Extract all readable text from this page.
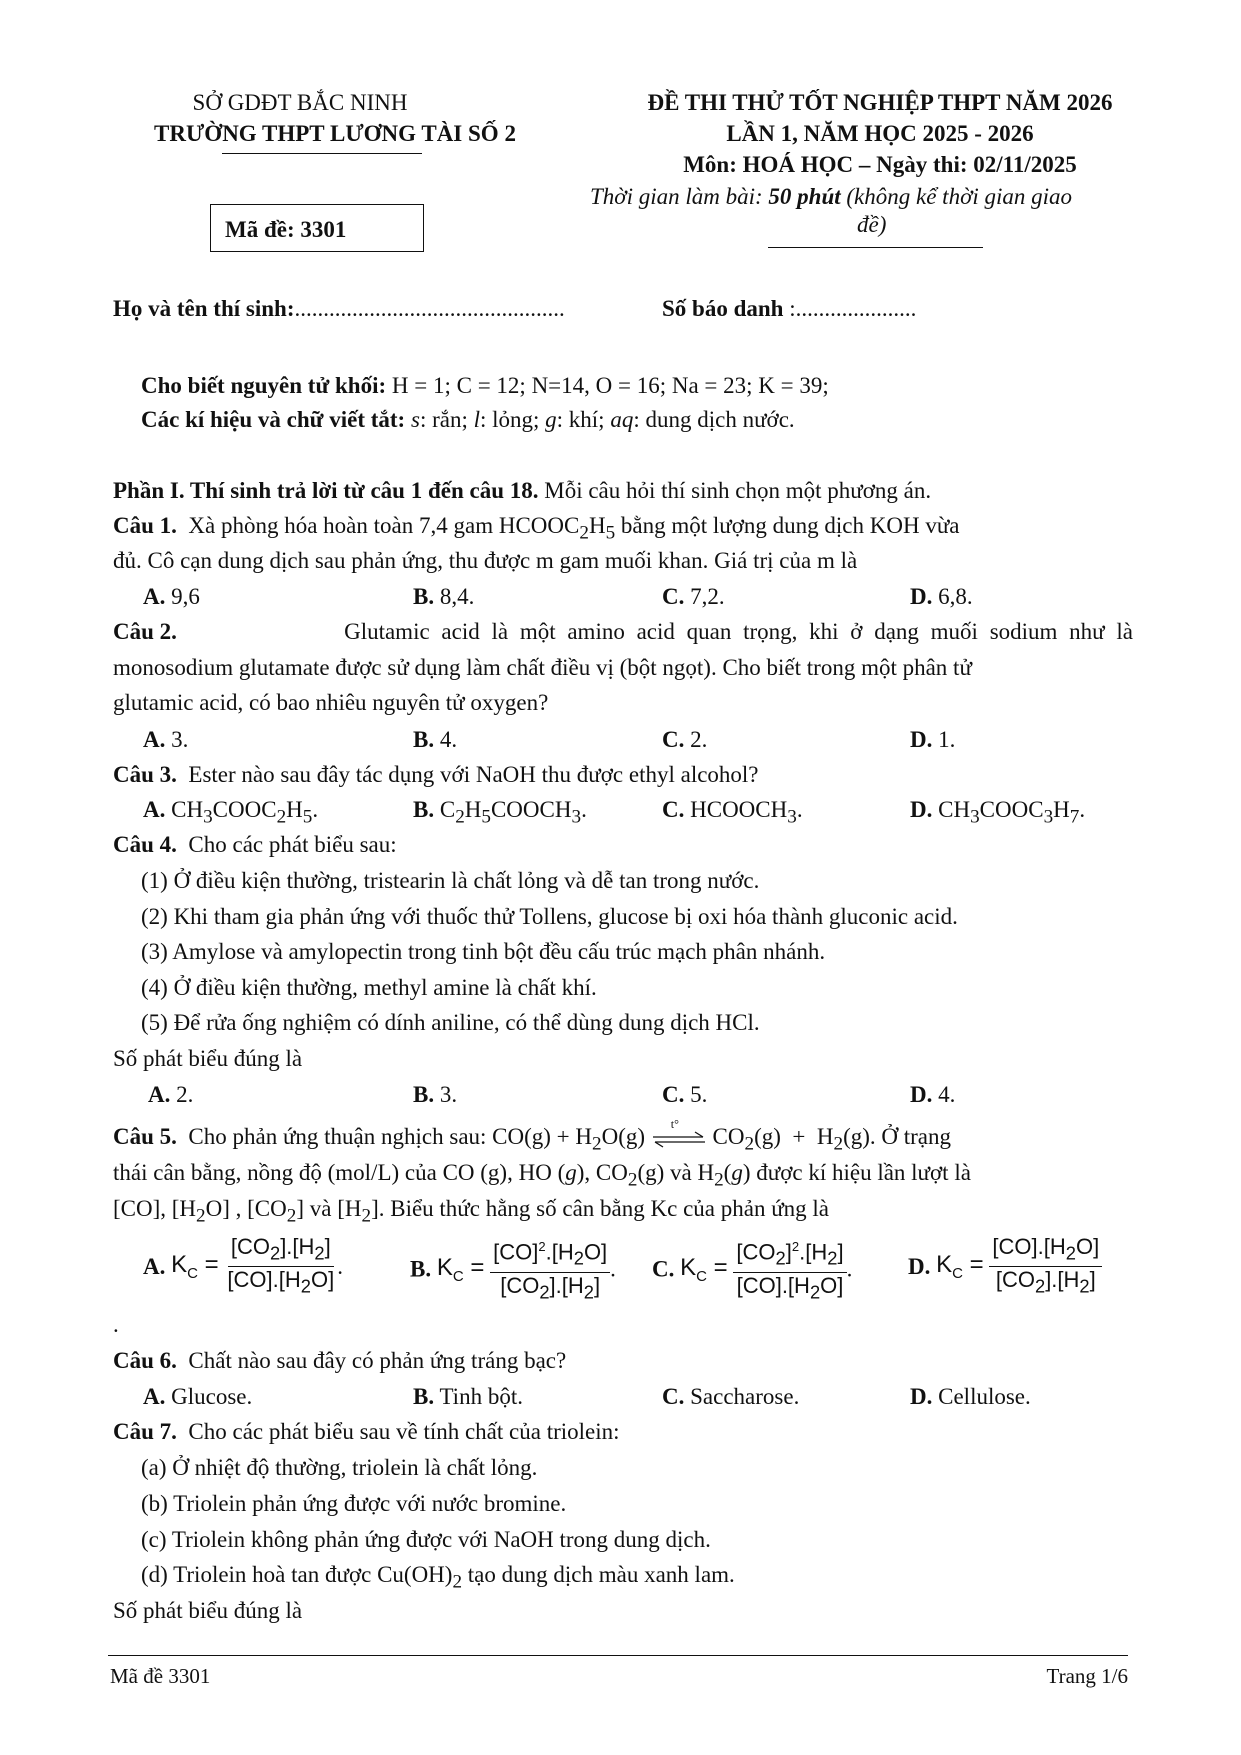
SỞ GDĐT BẮC NINH
TRƯỜNG THPT LƯƠNG TÀI SỐ 2
Mã đề: 3301
ĐỀ THI THỬ TỐT NGHIỆP THPT NĂM 2026
LẦN 1, NĂM HỌC 2025 - 2026
Môn: HOÁ HỌC – Ngày thi: 02/11/2025
Thời gian làm bài: 50 phút (không kể thời gian giao
đề)
Họ và tên thí sinh:...............................................	Số báo danh :.....................
Cho biết nguyên tử khối: H = 1; C = 12; N=14, O = 16; Na = 23; K = 39;
Các kí hiệu và chữ viết tắt: s: rắn; l: lỏng; g: khí; aq: dung dịch nước.
Phần I. Thí sinh trả lời từ câu 1 đến câu 18. Mỗi câu hỏi thí sinh chọn một phương án.
Câu 1. Xà phòng hóa hoàn toàn 7,4 gam $HCOOC_2H_5$ bằng một lượng dung dịch KOH vừa
đủ. Cô cạn dung dịch sau phản ứng, thu được m gam muối khan. Giá trị của m là
A. 9,6	B. 8,4.	C. 7,2.	D. 6,8.
Câu 2.	Glutamic acid là một amino acid quan trọng, khi ở dạng muối sodium như là
monosodium glutamate được sử dụng làm chất điều vị (bột ngọt). Cho biết trong một phân tử
glutamic acid, có bao nhiêu nguyên tử oxygen?
A. 3.	B. 4.	C. 2.	D. 1.
Câu 3. Ester nào sau đây tác dụng với NaOH thu được ethyl alcohol?
A. $CH_3COOC_2H_5$.	B. $C_2H_5COOCH_3$.	C. $HCOOCH_3$.	D. $CH_3COOC_3H_7$.
Câu 4. Cho các phát biểu sau:
(1) Ở điều kiện thường, tristearin là chất lỏng và dễ tan trong nước.
(2) Khi tham gia phản ứng với thuốc thử Tollens, glucose bị oxi hóa thành gluconic acid.
(3) Amylose và amylopectin trong tinh bột đều cấu trúc mạch phân nhánh.
(4) Ở điều kiện thường, methyl amine là chất khí.
(5) Để rửa ống nghiệm có dính aniline, có thể dùng dung dịch HCl.
Số phát biểu đúng là
A. 2.	B. 3.	C. 5.	D. 4.
Câu 5. Cho phản ứng thuận nghịch sau: $CO(g) + H_2O(g)$
t°
$CO_2(g) + H_2(g)$. Ở trạng
thái cân bằng, nồng độ (mol/L) của CO (g), HO (g), $CO_2(g)$ và $H_2(g)$ được kí hiệu lần lượt là
[CO], $[H_2O]$ , $[CO_2]$ và $[H_2]$. Biểu thức hằng số cân bằng Kc của phản ứng là
A. $K_C = \frac{[CO_2].[H_2]}{[CO].[H_2O]}$ .	B. $K_C = \frac{[CO]^2.[H_2O]}{[CO_2].[H_2]}$ . C. $K_C = \frac{[CO_2]^2.[H_2]}{[CO].[H_2O]}$ . D. $K_C = \frac{[CO].[H_2O]}{[CO_2].[H_2]}$
.
Câu 6. Chất nào sau đây có phản ứng tráng bạc?
A. Glucose.	B. Tinh bột.	C. Saccharose.	D. Cellulose.
Câu 7. Cho các phát biểu sau về tính chất của triolein:
(a) Ở nhiệt độ thường, triolein là chất lỏng.
(b) Triolein phản ứng được với nước bromine.
(c) Triolein không phản ứng được với NaOH trong dung dịch.
(d) Triolein hoà tan được $Cu(OH)_2$ tạo dung dịch màu xanh lam.
Số phát biểu đúng là
Mã đề 3301	Trang 1/6
